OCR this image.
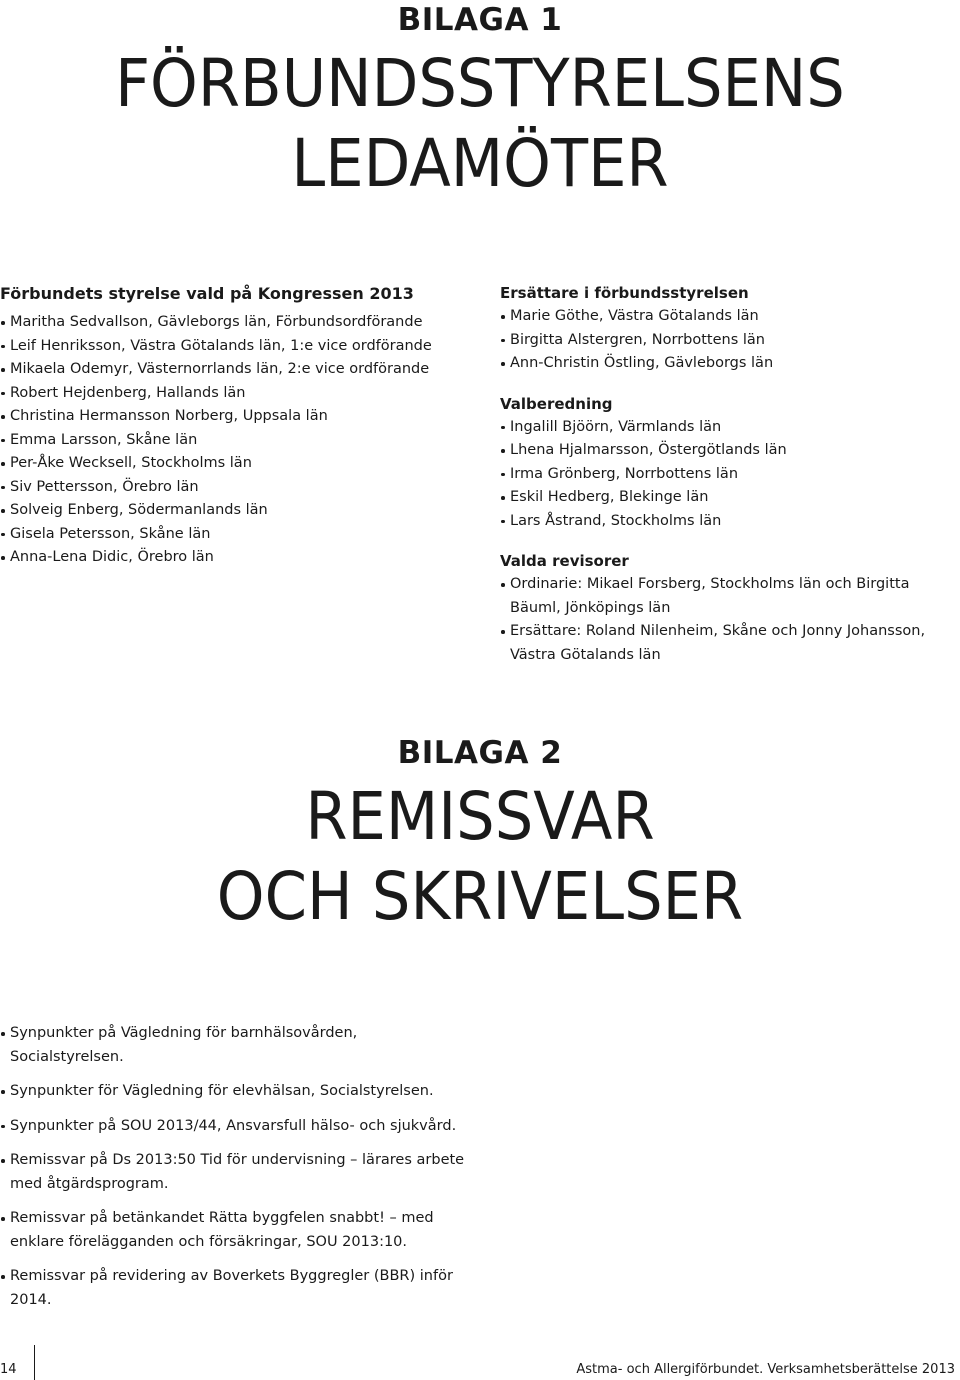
BILAGA 1
FÖRBUNDSSTYRELSENS
LEDAMÖTER

Förbundets styrelse vald på Kongressen 2013

Maritha Sedvallson, Gävleborgs län, Förbundsordförande
Leif Henriksson, Västra Götalands län, 1:e vice ordförande
Mikaela Odemyr, Västernorrlands län, 2:e vice ordförande
Robert Hejdenberg, Hallands län
Christina Hermansson Norberg, Uppsala län
Emma Larsson, Skåne län
Per-Åke Wecksell, Stockholms län
Siv Pettersson, Örebro län
Solveig Enberg, Södermanlands län
Gisela Petersson, Skåne län
Anna-Lena Didic, Örebro län

Ersättare i förbundsstyrelsen

Marie Göthe, Västra Götalands län
Birgitta Alstergren, Norrbottens län
Ann-Christin Östling, Gävleborgs län

Valberedning

Ingalill Bjöörn, Värmlands län
Lhena Hjalmarsson, Östergötlands län
Irma Grönberg, Norrbottens län
Eskil Hedberg, Blekinge län
Lars Åstrand, Stockholms län

Valda revisorer

Ordinarie: Mikael Forsberg, Stockholms län och Birgitta Bäuml, Jönköpings län
Ersättare: Roland Nilenheim, Skåne och Jonny Johansson, Västra Götalands län
BILAGA 2
REMISSVAR
OCH SKRIVELSER
Synpunkter på Vägledning för barnhälsovården, Socialstyrelsen.
Synpunkter för Vägledning för elevhälsan, Socialstyrelsen.
Synpunkter på SOU 2013/44, Ansvarsfull hälso- och sjukvård.
Remissvar på Ds 2013:50 Tid för undervisning – lärares arbete med åtgärdsprogram.
Remissvar på betänkandet Rätta byggfelen snabbt! – med enklare förelägganden och försäkringar, SOU 2013:10.
Remissvar på revidering av Boverkets Byggregler (BBR) inför 2014.
14	Astma- och Allergiförbundet. Verksamhetsberättelse 2013
